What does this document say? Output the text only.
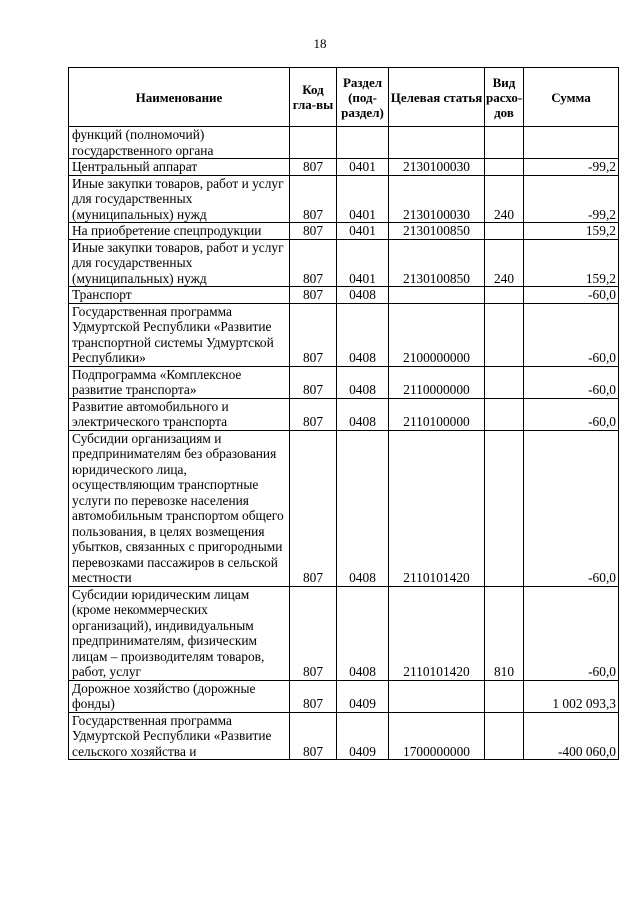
18
Наименование	Код гла-вы	Раздел (под-раздел)	Целевая статья	Вид расхо-дов	Сумма
функций (полномочий) государственного органа					
Центральный аппарат	807	0401	2130100030		-99,2
Иные закупки товаров, работ и услуг для государственных (муниципальных) нужд	807	0401	2130100030	240	-99,2
На приобретение спецпродукции	807	0401	2130100850		159,2
Иные закупки товаров, работ и услуг для государственных (муниципальных) нужд	807	0401	2130100850	240	159,2
Транспорт	807	0408			-60,0
Государственная программа Удмуртской Республики «Развитие транспортной системы Удмуртской Республики»	807	0408	2100000000		-60,0
Подпрограмма «Комплексное развитие транспорта»	807	0408	2110000000		-60,0
Развитие автомобильного и электрического транспорта	807	0408	2110100000		-60,0
Субсидии организациям и предпринимателям без образования юридического лица, осуществляющим транспортные услуги по перевозке населения автомобильным транспортом общего пользования, в целях возмещения убытков, связанных с пригородными перевозками пассажиров в сельской местности	807	0408	2110101420		-60,0
Субсидии юридическим лицам (кроме некоммерческих организаций), индивидуальным предпринимателям, физическим лицам – производителям товаров, работ, услуг	807	0408	2110101420	810	-60,0
Дорожное хозяйство (дорожные фонды)	807	0409			1 002 093,3
Государственная программа Удмуртской Республики «Развитие сельского хозяйства и	807	0409	1700000000		-400 060,0
